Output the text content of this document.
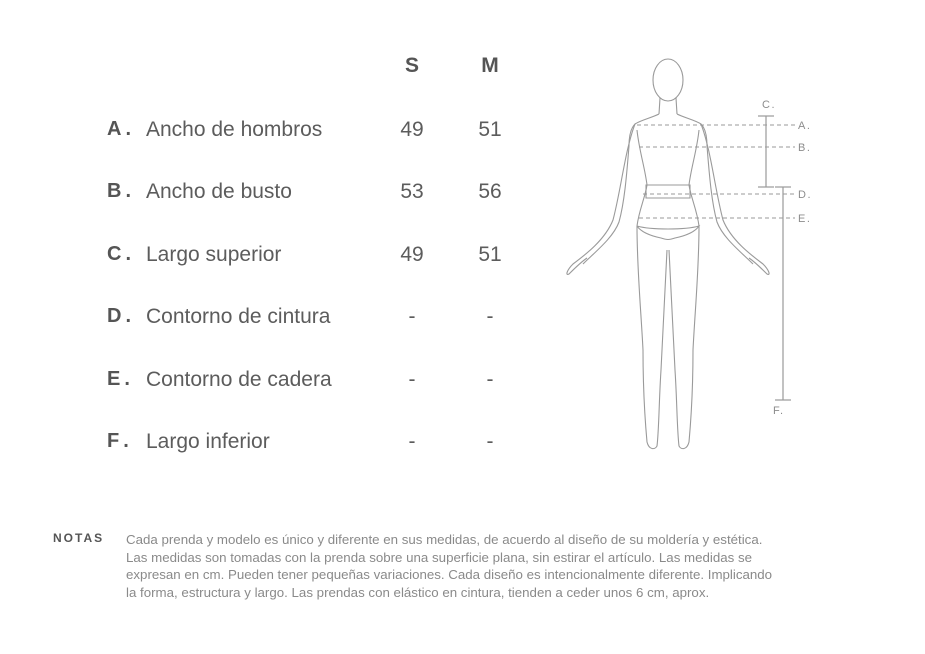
S	M
A . Ancho de hombros	49	51
B . Ancho de busto	53	56
C . Largo superior	49	51
D . Contorno de cintura	-	-
E . Contorno de cadera	-	-
F . Largo inferior	-	-
C.
A.
B.
D.
E.
F.
NOTAS Cada prenda y modelo es único y diferente en sus medidas, de acuerdo al diseño de su moldería y estética.
Las medidas son tomadas con la prenda sobre una superficie plana, sin estirar el artículo. Las medidas se
expresan en cm. Pueden tener pequeñas variaciones. Cada diseño es intencionalmente diferente. Implicando
la forma, estructura y largo. Las prendas con elástico en cintura, tienden a ceder unos 6 cm, aprox.
